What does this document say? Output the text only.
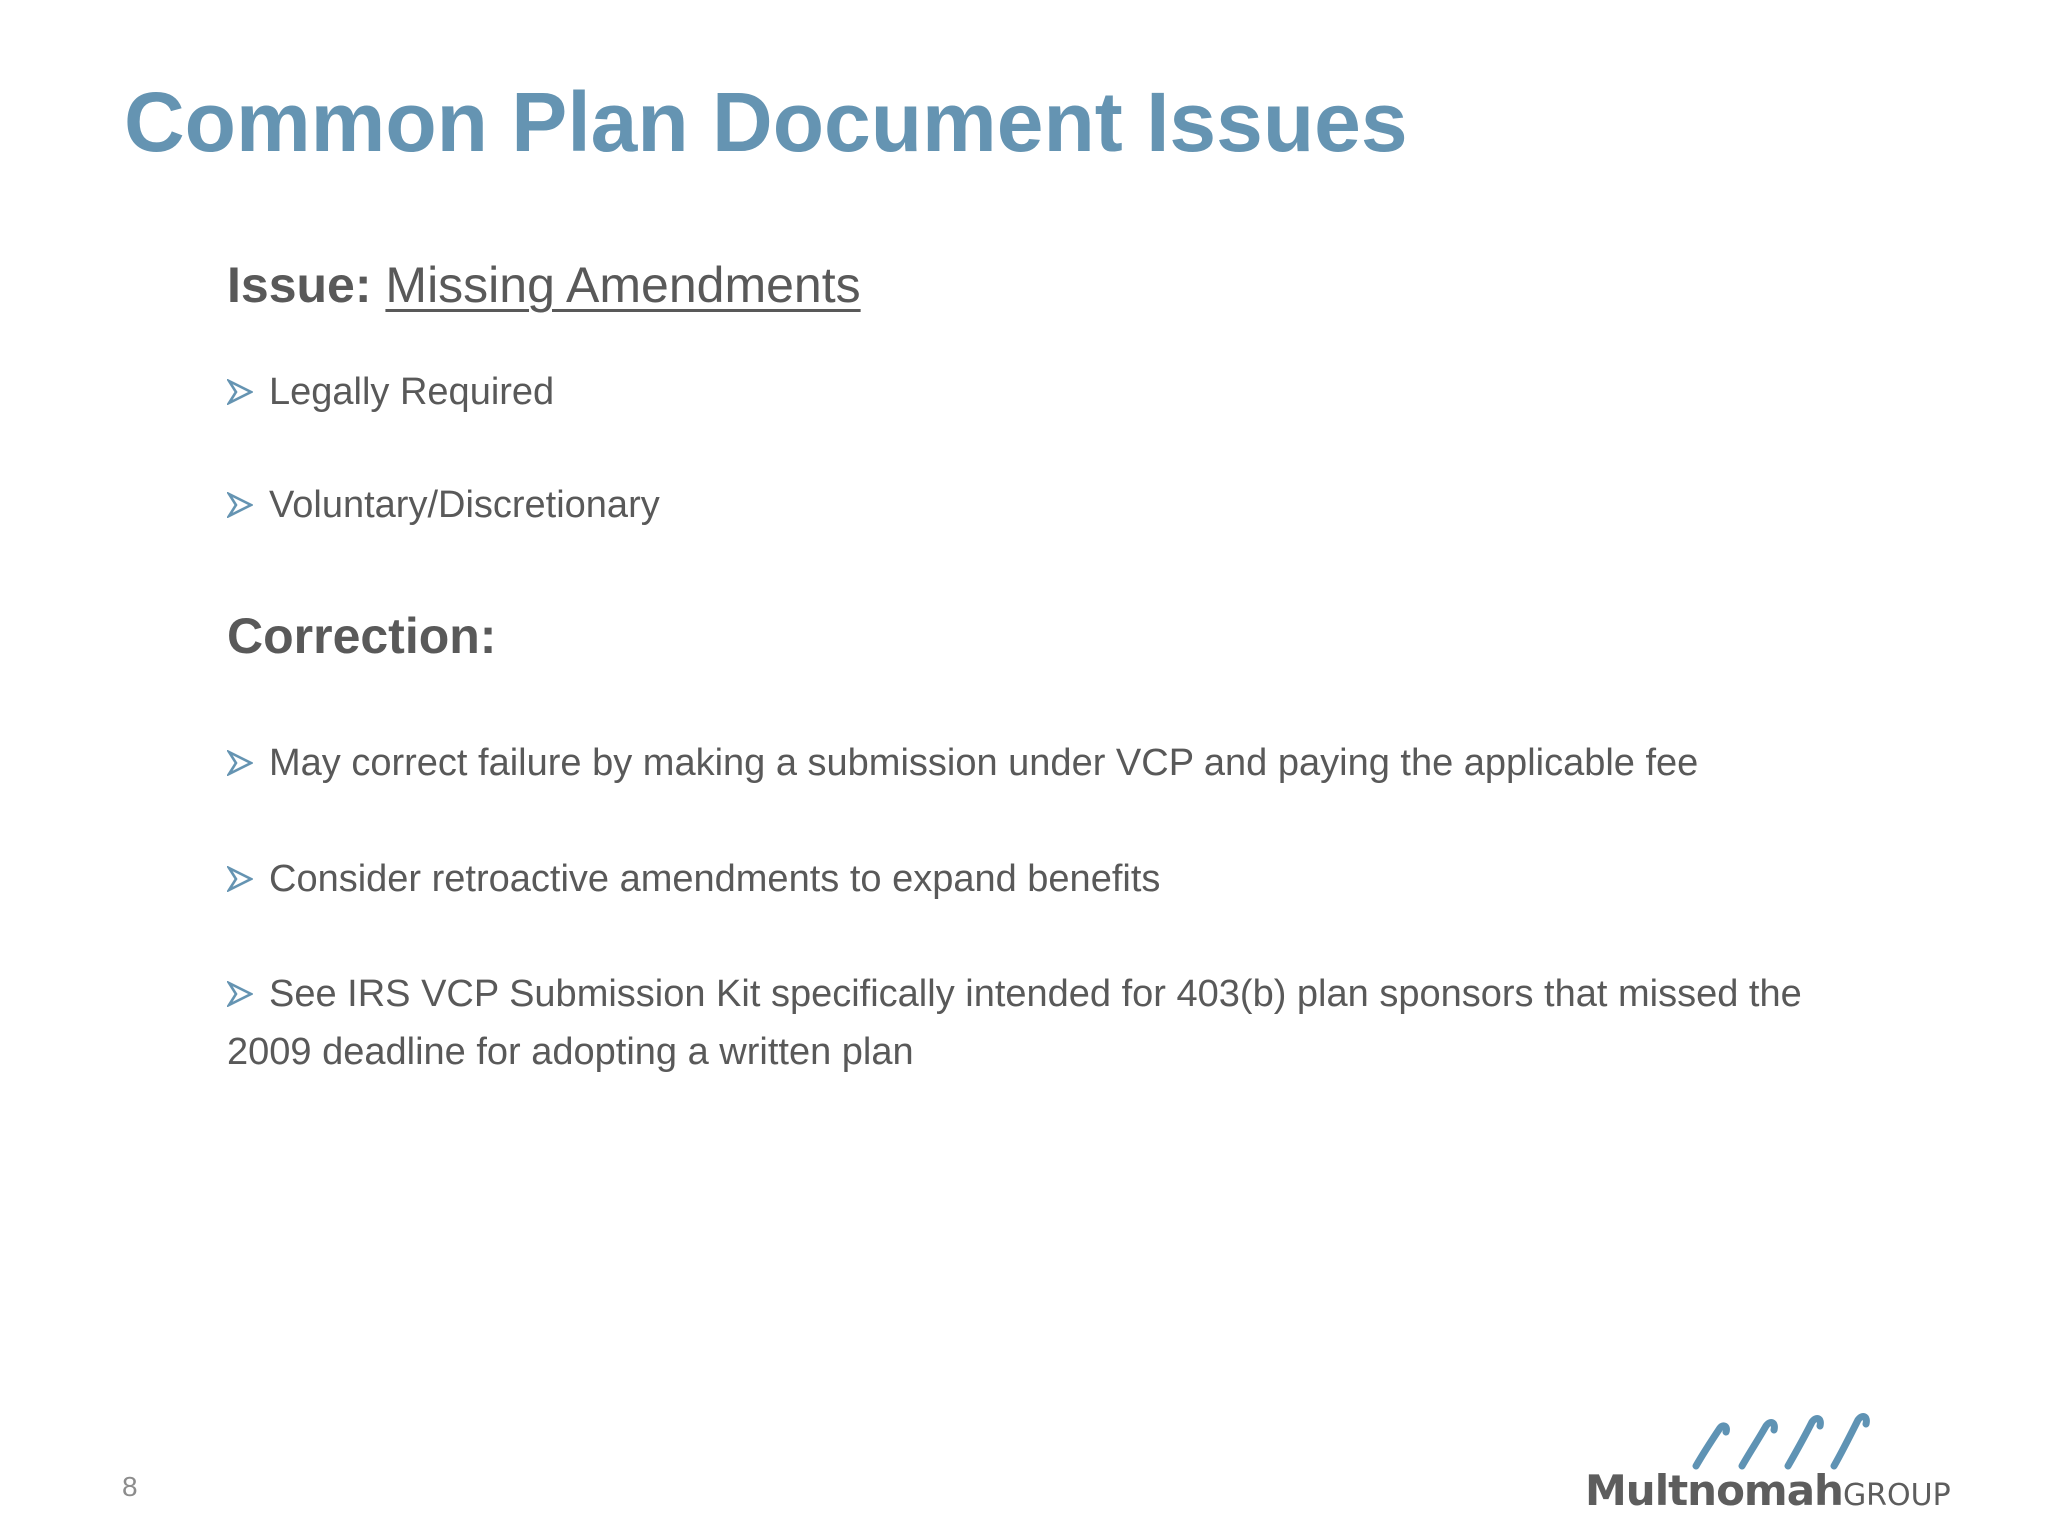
Common Plan Document Issues
Issue: Missing Amendments
Legally Required
Voluntary/Discretionary
Correction:
May correct failure by making a submission under VCP and paying the applicable fee
Consider retroactive amendments to expand benefits
See IRS VCP Submission Kit specifically intended for 403(b) plan sponsors that missed the 2009 deadline for adopting a written plan
8	MultnomahGROUP
